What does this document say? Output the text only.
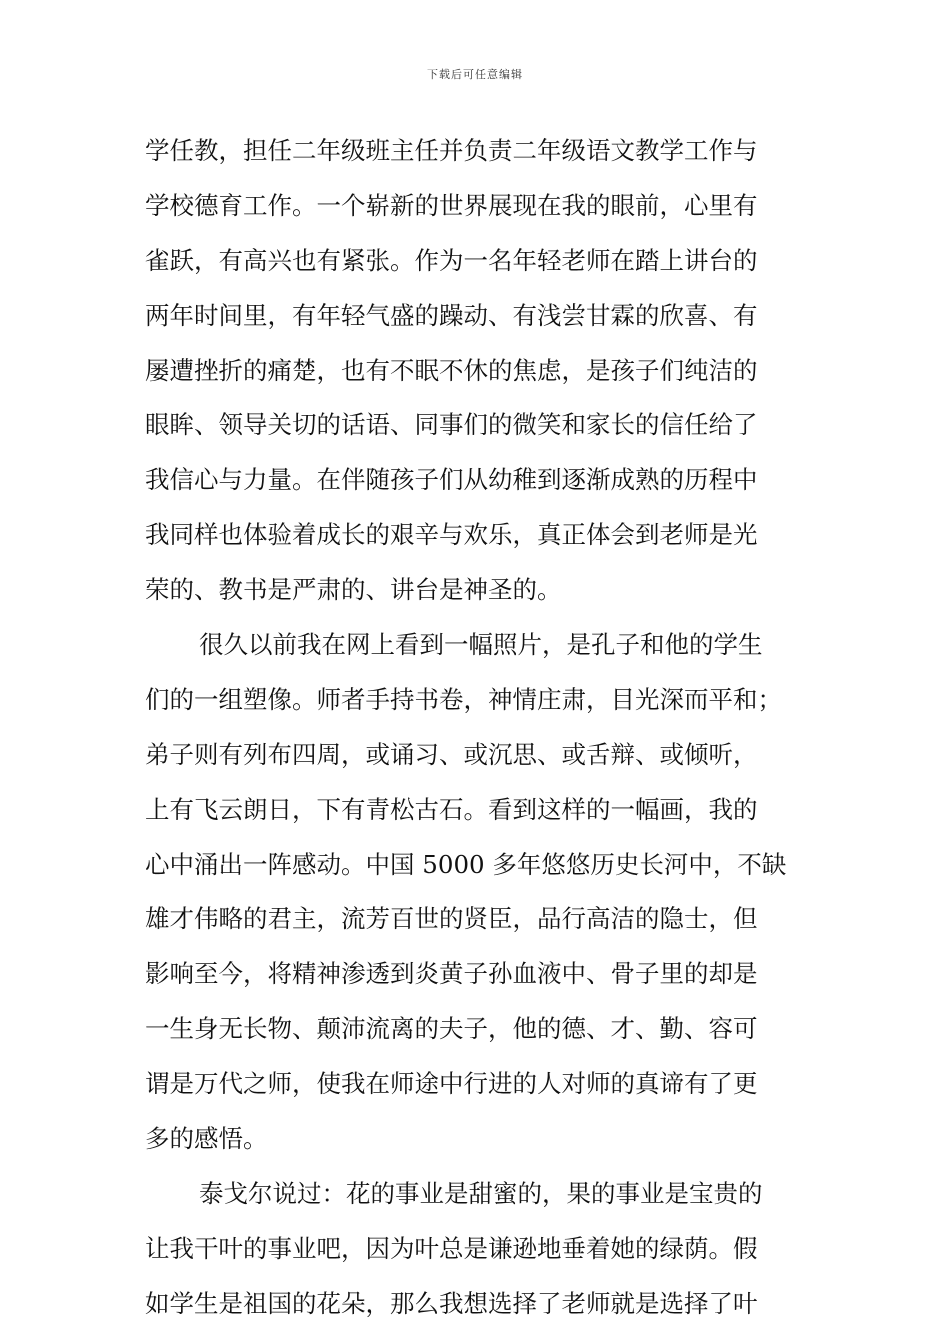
下载后可任意编辑
学任教，担任二年级班主任并负责二年级语文教学工作与
学校德育工作。一个崭新的世界展现在我的眼前，心里有
雀跃，有高兴也有紧张。作为一名年轻老师在踏上讲台的
两年时间里，有年轻气盛的躁动、有浅尝甘霖的欣喜、有
屡遭挫折的痛楚，也有不眠不休的焦虑，是孩子们纯洁的
眼眸、领导关切的话语、同事们的微笑和家长的信任给了
我信心与力量。在伴随孩子们从幼稚到逐渐成熟的历程中
我同样也体验着成长的艰辛与欢乐，真正体会到老师是光
荣的、教书是严肃的、讲台是神圣的。
很久以前我在网上看到一幅照片，是孔子和他的学生
们的一组塑像。师者手持书卷，神情庄肃，目光深而平和；
弟子则有列布四周，或诵习、或沉思、或舌辩、或倾听，
上有飞云朗日，下有青松古石。看到这样的一幅画，我的
心中涌出一阵感动。中国 5000 多年悠悠历史长河中，不缺
雄才伟略的君主，流芳百世的贤臣，品行高洁的隐士，但
影响至今，将精神渗透到炎黄子孙血液中、骨子里的却是
一生身无长物、颠沛流离的夫子，他的德、才、勤、容可
谓是万代之师，使我在师途中行进的人对师的真谛有了更
多的感悟。
泰戈尔说过：花的事业是甜蜜的，果的事业是宝贵的
让我干叶的事业吧，因为叶总是谦逊地垂着她的绿荫。假
如学生是祖国的花朵，那么我想选择了老师就是选择了叶
